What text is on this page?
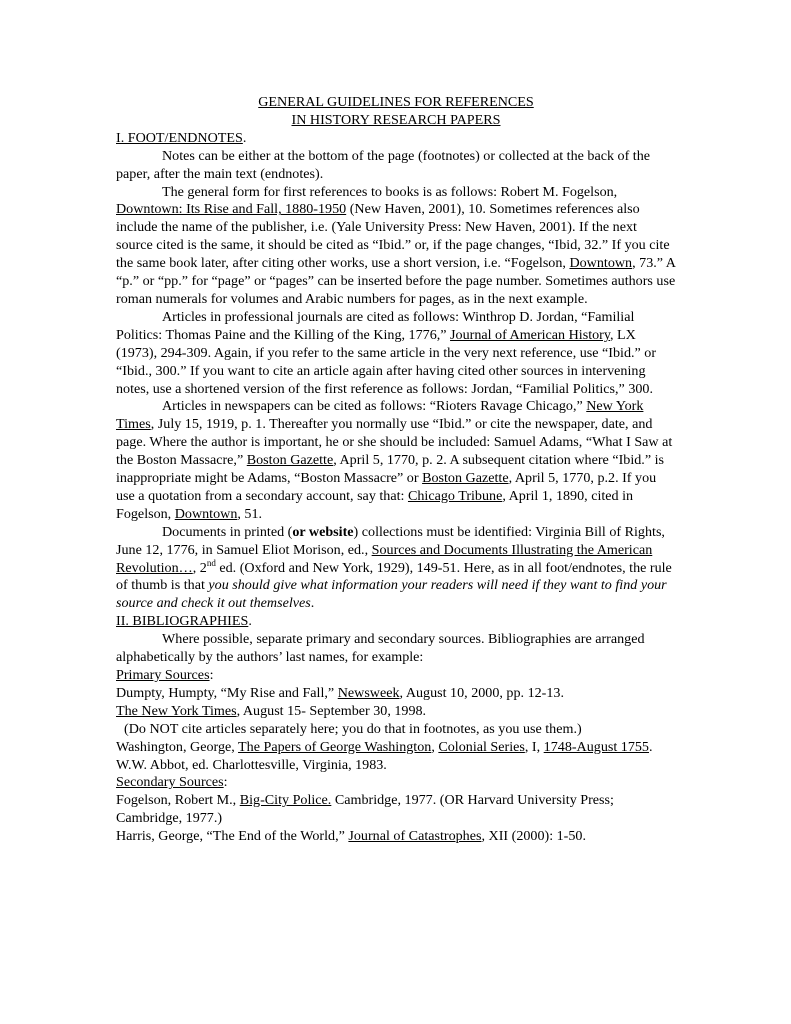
GENERAL GUIDELINES FOR REFERENCES

IN HISTORY RESEARCH PAPERS

I. FOOT/ENDNOTES.

Notes can be either at the bottom of the page (footnotes) or collected at the back of the paper, after the main text (endnotes).

The general form for first references to books is as follows: Robert M. Fogelson, Downtown: Its Rise and Fall, 1880-1950 (New Haven, 2001), 10. Sometimes references also include the name of the publisher, i.e. (Yale University Press: New Haven, 2001). If the next source cited is the same, it should be cited as “Ibid.” or, if the page changes, “Ibid, 32.” If you cite the same book later, after citing other works, use a short version, i.e. “Fogelson, Downtown, 73.” A “p.” or “pp.” for “page” or “pages” can be inserted before the page number. Sometimes authors use roman numerals for volumes and Arabic numbers for pages, as in the next example.

Articles in professional journals are cited as follows: Winthrop D. Jordan, “Familial Politics: Thomas Paine and the Killing of the King, 1776,” Journal of American History, LX (1973), 294-309. Again, if you refer to the same article in the very next reference, use “Ibid.” or “Ibid., 300.” If you want to cite an article again after having cited other sources in intervening notes, use a shortened version of the first reference as follows: Jordan, “Familial Politics,” 300.

Articles in newspapers can be cited as follows: “Rioters Ravage Chicago,” New York Times, July 15, 1919, p. 1. Thereafter you normally use “Ibid.” or cite the newspaper, date, and page. Where the author is important, he or she should be included: Samuel Adams, “What I Saw at the Boston Massacre,” Boston Gazette, April 5, 1770, p. 2. A subsequent citation where “Ibid.” is inappropriate might be Adams, “Boston Massacre” or Boston Gazette, April 5, 1770, p.2. If you use a quotation from a secondary account, say that: Chicago Tribune, April 1, 1890, cited in Fogelson, Downtown, 51.

Documents in printed (or website) collections must be identified: Virginia Bill of Rights, June 12, 1776, in Samuel Eliot Morison, ed., Sources and Documents Illustrating the American Revolution…, 2nd ed. (Oxford and New York, 1929), 149-51. Here, as in all foot/endnotes, the rule of thumb is that you should give what information your readers will need if they want to find your source and check it out themselves.

II. BIBLIOGRAPHIES.

Where possible, separate primary and secondary sources. Bibliographies are arranged alphabetically by the authors’ last names, for example:

Primary Sources:

Dumpty, Humpty, “My Rise and Fall,” Newsweek, August 10, 2000, pp. 12-13.

The New York Times, August 15- September 30, 1998.

(Do NOT cite articles separately here; you do that in footnotes, as you use them.)

Washington, George, The Papers of George Washington, Colonial Series, I, 1748-August 1755. W.W. Abbot, ed. Charlottesville, Virginia, 1983.

Secondary Sources:

Fogelson, Robert M., Big-City Police. Cambridge, 1977. (OR Harvard University Press; Cambridge, 1977.)

Harris, George, “The End of the World,” Journal of Catastrophes, XII (2000): 1-50.
